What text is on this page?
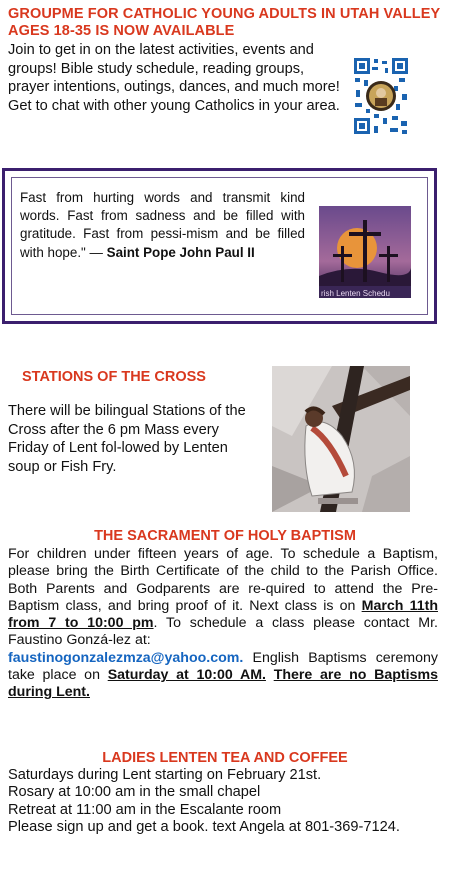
GROUPME FOR CATHOLIC YOUNG ADULTS IN UTAH VALLEY AGES 18-35 IS NOW AVAILABLE
Join to get in on the latest activities, events and groups! Bible study schedule, reading groups, prayer intentions, outings, dances, and much more! Get to chat with other young Catholics in your area.
Fast from hurting words and transmit kind words. Fast from sadness and be filled with gratitude. Fast from pessi-mism and be filled with hope." — Saint Pope John Paul II
rish Lenten Schedu
STATIONS OF THE CROSS
There will be bilingual Stations of the Cross after the 6 pm Mass every Friday of Lent fol-lowed by Lenten soup or Fish Fry.
THE SACRAMENT OF HOLY BAPTISM
For children under fifteen years of age. To schedule a Baptism, please bring the Birth Certificate of the child to the Parish Office. Both Parents and Godparents are re-quired to attend the Pre-Baptism class, and bring proof of it. Next class is on March 11th from 7 to 10:00 pm. To schedule a class please contact Mr. Faustino Gonzá-lez at:
faustinogonzalezmza@yahoo.com. English Baptisms ceremony take place on Saturday at 10:00 AM. There are no Baptisms during Lent.
LADIES LENTEN TEA AND COFFEE
Saturdays during Lent starting on February 21st.
Rosary at 10:00 am in the small chapel
Retreat at 11:00 am in the Escalante room
Please sign up and get a book. text Angela at 801-369-7124.
